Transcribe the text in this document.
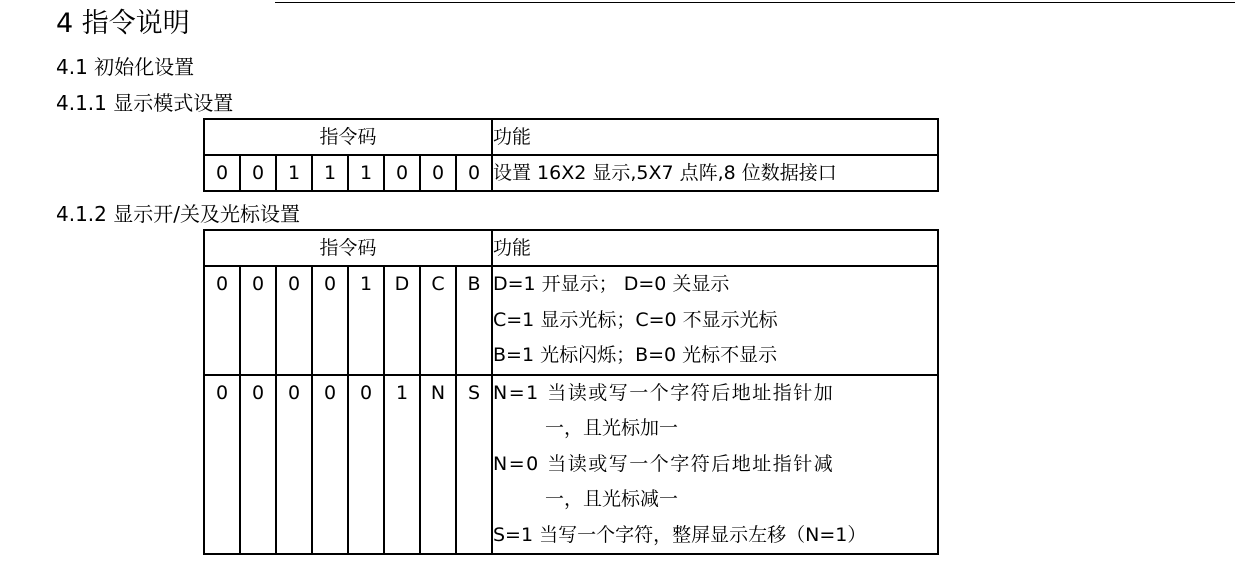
4 指令说明
4.1 初始化设置
4.1.1 显示模式设置
指令码								功能
0	0	1	1	1	0	0	0	设置 16X2 显示,5X7 点阵,8 位数据接口
4.1.2 显示开/关及光标设置
指令码								功能

0	0	0	0	1	D	C	B	D=1 开显示； D=0 关显示
C=1 显示光标；C=0 不显示光标
B=1 光标闪烁；B=0 光标不显示

0	0	0	0	0	1	N	S	N=1 当读或写一个字符后地址指针加
一，且光标加一
N=0 当读或写一个字符后地址指针减
一，且光标减一
S=1 当写一个字符，整屏显示左移（N=1）
